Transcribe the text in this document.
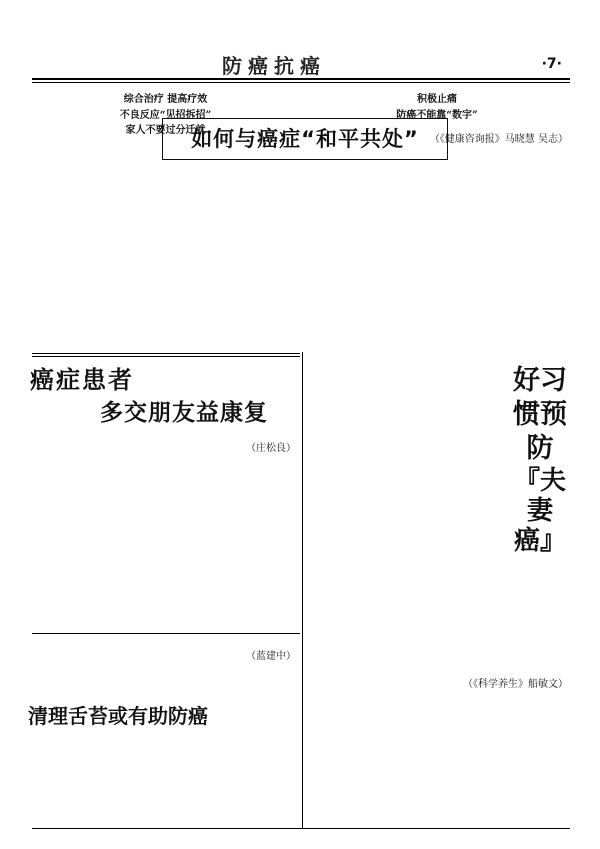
防癌抗癌	·7·
如何与癌症“和平共处”

综合治疗 提高疗效

不良反应“见招拆招”

家人不要过分迁就

积极止痛

防癌不能靠“数字”

（《健康咨询报》马晓慧 吴志）

癌症患者
多交朋友益康复

（庄松良）

（《科学养生》船敏文）

好习惯预防
『夫妻癌』
清理舌苔或有助防癌

（蓝建中）
